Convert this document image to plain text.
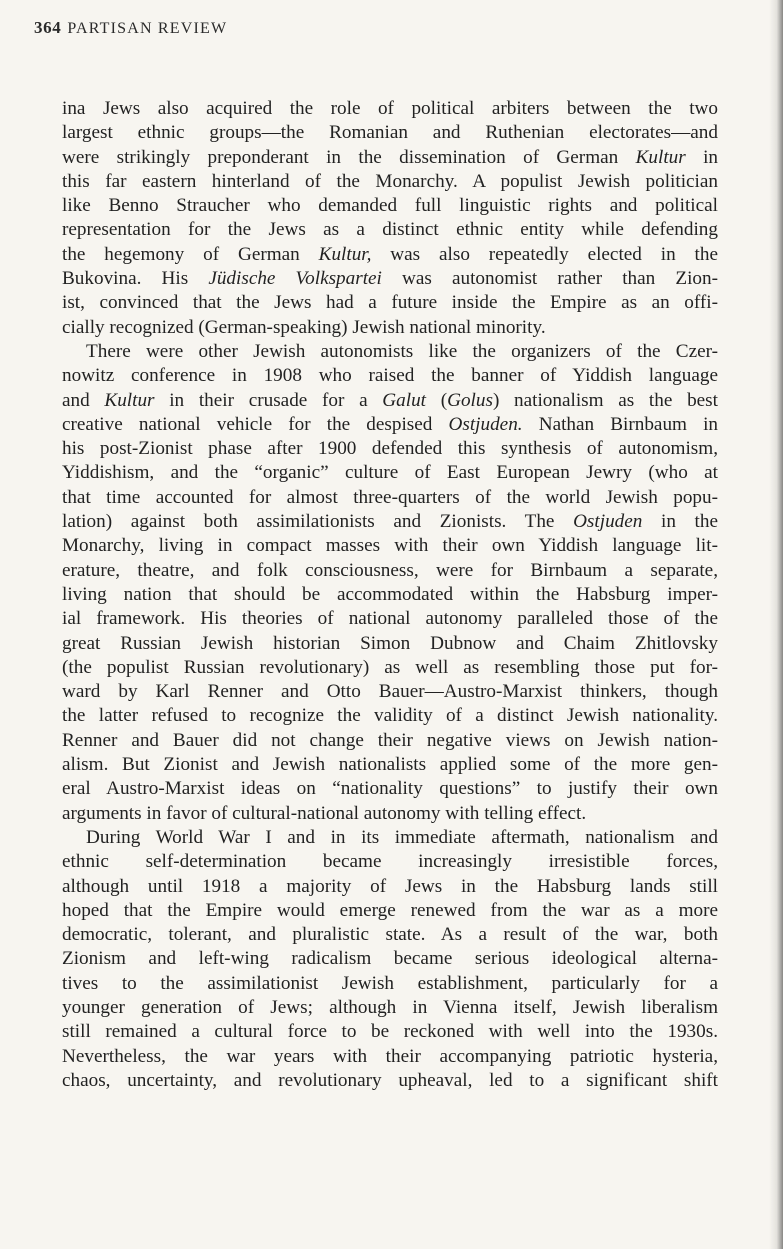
364 PARTISAN REVIEW
ina Jews also acquired the role of political arbiters between the two
largest ethnic groups—the Romanian and Ruthenian electorates—and
were strikingly preponderant in the dissemination of German Kultur in
this far eastern hinterland of the Monarchy. A populist Jewish politician
like Benno Straucher who demanded full linguistic rights and political
representation for the Jews as a distinct ethnic entity while defending
the hegemony of German Kultur, was also repeatedly elected in the
Bukovina. His Jüdische Volkspartei was autonomist rather than Zion-
ist, convinced that the Jews had a future inside the Empire as an offi-
cially recognized (German-speaking) Jewish national minority.
There were other Jewish autonomists like the organizers of the Czer-
nowitz conference in 1908 who raised the banner of Yiddish language
and Kultur in their crusade for a Galut (Golus) nationalism as the best
creative national vehicle for the despised Ostjuden. Nathan Birnbaum in
his post-Zionist phase after 1900 defended this synthesis of autonomism,
Yiddishism, and the “organic” culture of East European Jewry (who at
that time accounted for almost three-quarters of the world Jewish popu-
lation) against both assimilationists and Zionists. The Ostjuden in the
Monarchy, living in compact masses with their own Yiddish language lit-
erature, theatre, and folk consciousness, were for Birnbaum a separate,
living nation that should be accommodated within the Habsburg imper-
ial framework. His theories of national autonomy paralleled those of the
great Russian Jewish historian Simon Dubnow and Chaim Zhitlovsky
(the populist Russian revolutionary) as well as resembling those put for-
ward by Karl Renner and Otto Bauer—Austro-Marxist thinkers, though
the latter refused to recognize the validity of a distinct Jewish nationality.
Renner and Bauer did not change their negative views on Jewish nation-
alism. But Zionist and Jewish nationalists applied some of the more gen-
eral Austro-Marxist ideas on “nationality questions” to justify their own
arguments in favor of cultural-national autonomy with telling effect.
During World War I and in its immediate aftermath, nationalism and
ethnic self-determination became increasingly irresistible forces,
although until 1918 a majority of Jews in the Habsburg lands still
hoped that the Empire would emerge renewed from the war as a more
democratic, tolerant, and pluralistic state. As a result of the war, both
Zionism and left-wing radicalism became serious ideological alterna-
tives to the assimilationist Jewish establishment, particularly for a
younger generation of Jews; although in Vienna itself, Jewish liberalism
still remained a cultural force to be reckoned with well into the 1930s.
Nevertheless, the war years with their accompanying patriotic hysteria,
chaos, uncertainty, and revolutionary upheaval, led to a significant shift
